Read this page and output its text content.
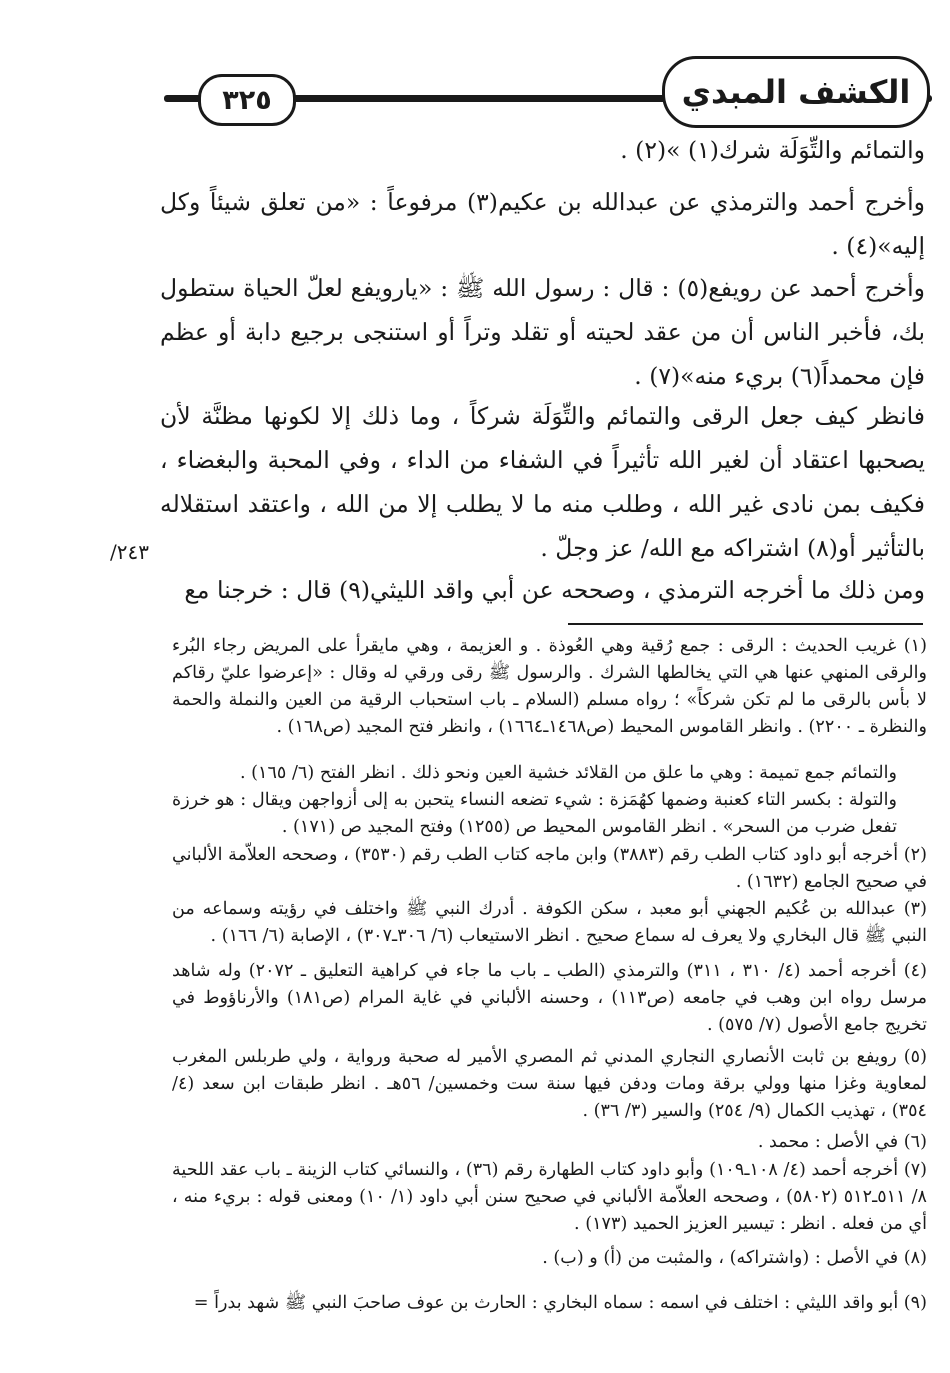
٣٢٥	الكشف المبدي
والتمائم والتِّوَلَة شرك(١) »(٢) .
وأخرج أحمد والترمذي عن عبدالله بن عكيم(٣) مرفوعاً : «من تعلق شيئاً وكل إليه»(٤) .
وأخرج أحمد عن رويفع(٥) : قال : رسول الله ﷺ : «يارويفع لعلّ الحياة ستطول بك، فأخبر الناس أن من عقد لحيته أو تقلد وتراً أو استنجى برجيع دابة أو عظم فإن محمداً(٦) بريء منه»(٧) .
فانظر كيف جعل الرقى والتمائم والتِّوَلَة شركاً ، وما ذلك إلا لكونها مظنَّة لأن يصحبها اعتقاد أن لغير الله تأثيراً في الشفاء من الداء ، وفي المحبة والبغضاء ، فكيف بمن نادى غير الله ، وطلب منه ما لا يطلب إلا من الله ، واعتقد استقلاله بالتأثير أو(٨) اشتراكه مع الله/ عز وجلّ .
ومن ذلك ما أخرجه الترمذي ، وصححه عن أبي واقد الليثي(٩) قال : خرجنا مع
٢٤٣/
(١) غريب الحديث : الرقى : جمع رُقية وهي العُوذة . و العزيمة ، وهي مايقرأ على المريض رجاء البُرء والرقى المنهي عنها هي التي يخالطها الشرك . والرسول ﷺ رقى ورقي له وقال : «إعرضوا عليّ رقاكم لا بأس بالرقى ما لم تكن شركاً» ؛ رواه مسلم (السلام ـ باب استحباب الرقية من العين والنملة والحمة والنظرة ـ ٢٢٠٠) . وانظر القاموس المحيط (ص١٤٦٨ـ١٦٦٤) ، وانظر فتح المجيد (ص١٦٨) .
والتمائم جمع تميمة : وهي ما علق من القلائد خشية العين ونحو ذلك . انظر الفتح (٦/ ١٦٥) .
والتولة : بكسر التاء كعنبة وضمها كهُمَزة : شيء تضعه النساء يتحبن به إلى أزواجهن ويقال : هو خرزة تفعل ضرب من السحر» . انظر القاموس المحيط ص (١٢٥٥) وفتح المجيد ص (١٧١) .
(٢) أخرجه أبو داود كتاب الطب رقم (٣٨٨٣) وابن ماجه كتاب الطب رقم (٣٥٣٠) ، وصححه العلاّمة الألباني في صحيح الجامع (١٦٣٢) .
(٣) عبدالله بن عُكيم الجهني أبو معبد ، سكن الكوفة . أدرك النبي ﷺ واختلف في رؤيته وسماعه من النبي ﷺ قال البخاري ولا يعرف له سماع صحيح . انظر الاستيعاب (٦/ ٣٠٦ـ٣٠٧) ، الإصابة (٦/ ١٦٦) .
(٤) أخرجه أحمد (٤/ ٣١٠ ، ٣١١) والترمذي (الطب ـ باب ما جاء في كراهية التعليق ـ ٢٠٧٢) وله شاهد مرسل رواه ابن وهب في جامعه (ص١١٣) ، وحسنه الألباني في غاية المرام (ص١٨١) والأرناؤوط في تخريج جامع الأصول (٧/ ٥٧٥) .
(٥) رويفع بن ثابت الأنصاري النجاري المدني ثم المصري الأمير له صحبة ورواية ، ولي طربلس المغرب لمعاوية وغزا منها وولي برقة ومات ودفن فيها سنة ست وخمسين/ ٥٦هـ . انظر طبقات ابن سعد (٤/ ٣٥٤) ، تهذيب الكمال (٩/ ٢٥٤) والسير (٣/ ٣٦) .
(٦) في الأصل : محمد .
(٧) أخرجه أحمد (٤/ ١٠٨ـ١٠٩) وأبو داود كتاب الطهارة رقم (٣٦) ، والنسائي كتاب الزينة ـ باب عقد اللحية ٨/ ٥١١ـ٥١٢ (٥٨٠٢) ، وصححه العلاّمة الألباني في صحيح سنن أبي داود (١/ ١٠) ومعنى قوله : بريء منه ، أي من فعله . انظر : تيسير العزيز الحميد (١٧٣) .
(٨) في الأصل : (واشتراكه) ، والمثبت من (أ) و (ب) .
(٩) أبو واقد الليثي : اختلف في اسمه : سماه البخاري : الحارث بن عوف صاحبَ النبي ﷺ شهد بدراً =
